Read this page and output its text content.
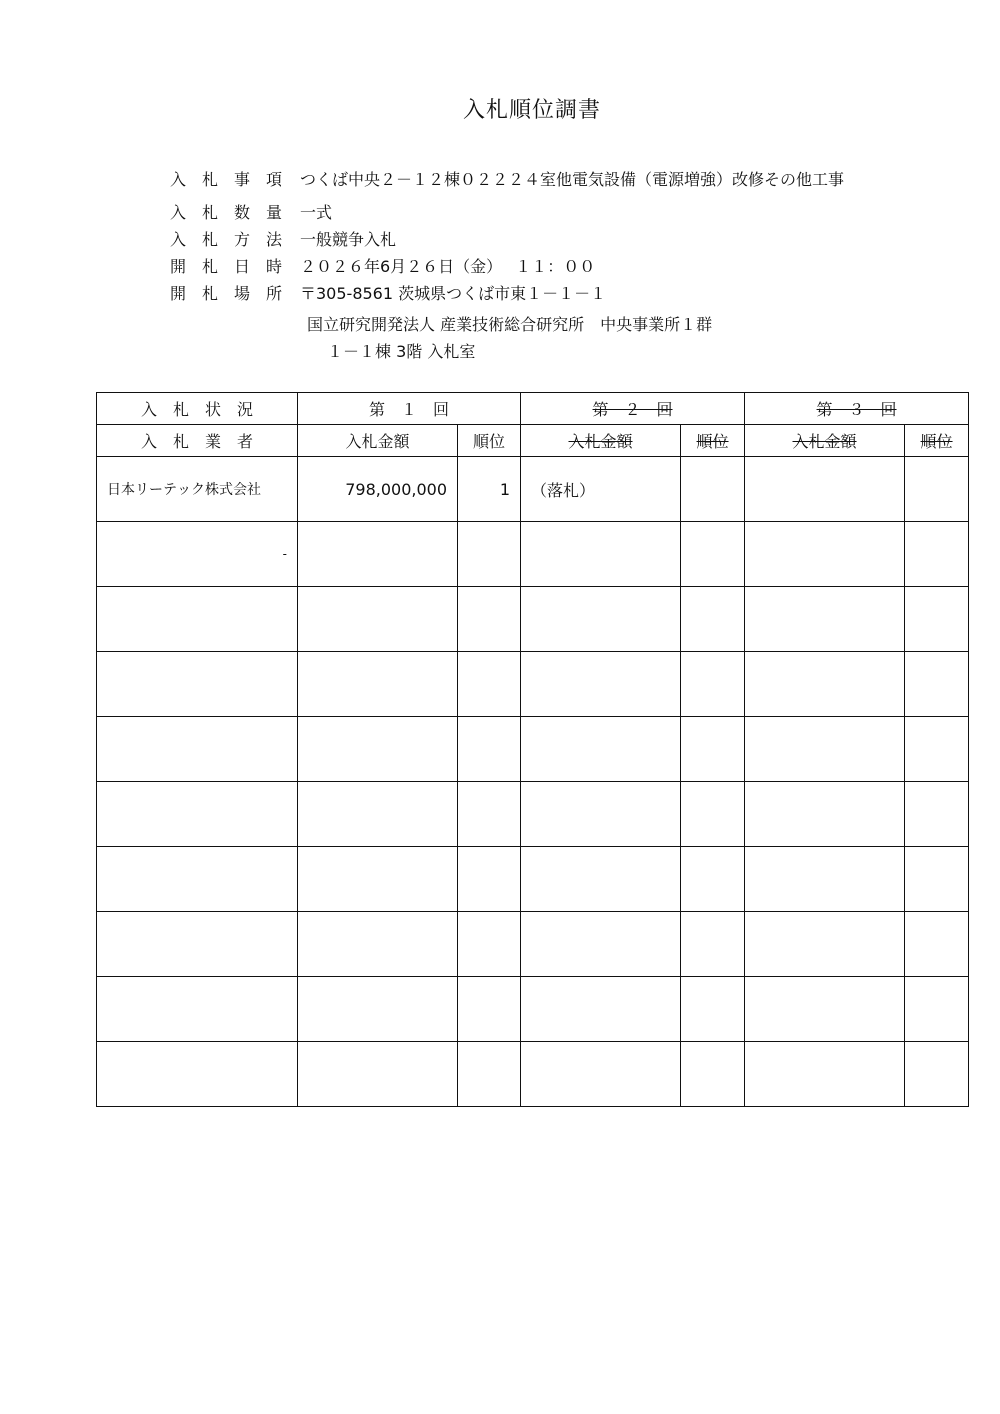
入札順位調書
入　札　事　項 つくば中央２－１２棟０２２２４室他電気設備（電源増強）改修その他工事
入　札　数　量 一式
入　札　方　法 一般競争入札
開　札　日　時 ２０２６年6月２６日（金）　 １１：００
開　札　場　所 〒305-8561 茨城県つくば市東１－１－１
国立研究開発法人 産業技術総合研究所　中央事業所１群
１－１棟 3階 入札室
入　札　状　況	第　１　回		第　２　回		第　３　回	
入　札　業　者	入札金額	順位	入札金額	順位	入札金額	順位
日本リーテック株式会社	798,000,000	1	（落札）			
-						
